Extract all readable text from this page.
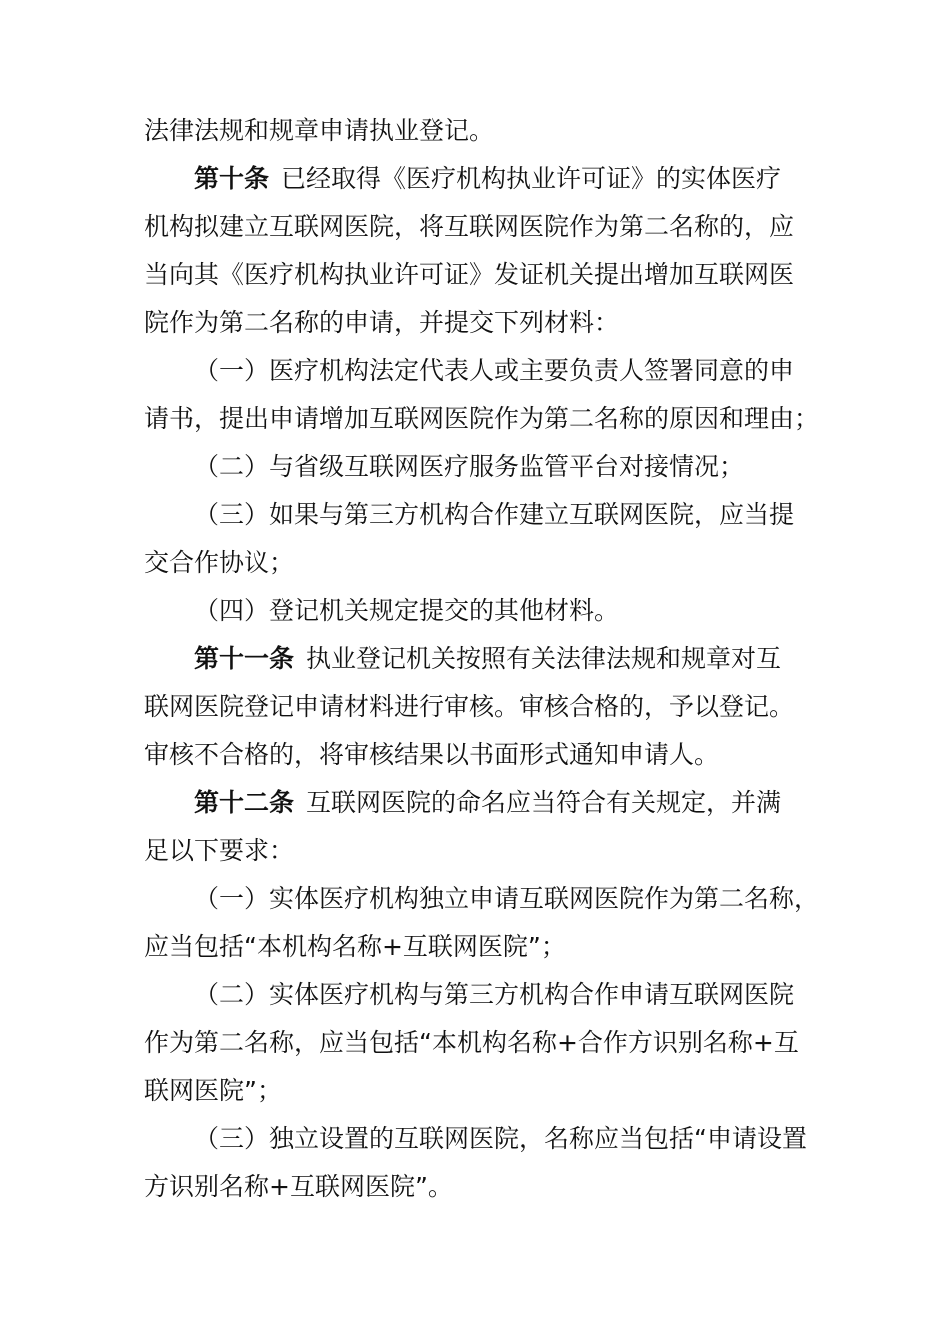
法律法规和规章申请执业登记。
第十条 已经取得《医疗机构执业许可证》的实体医疗
机构拟建立互联网医院，将互联网医院作为第二名称的，应
当向其《医疗机构执业许可证》发证机关提出增加互联网医
院作为第二名称的申请，并提交下列材料：
（一）医疗机构法定代表人或主要负责人签署同意的申
请书，提出申请增加互联网医院作为第二名称的原因和理由；
（二）与省级互联网医疗服务监管平台对接情况；
（三）如果与第三方机构合作建立互联网医院，应当提
交合作协议；
（四）登记机关规定提交的其他材料。
第十一条 执业登记机关按照有关法律法规和规章对互
联网医院登记申请材料进行审核。审核合格的，予以登记。
审核不合格的，将审核结果以书面形式通知申请人。
第十二条 互联网医院的命名应当符合有关规定，并满
足以下要求：
（一）实体医疗机构独立申请互联网医院作为第二名称，
应当包括“本机构名称+互联网医院”；
（二）实体医疗机构与第三方机构合作申请互联网医院
作为第二名称，应当包括“本机构名称+合作方识别名称+互
联网医院”；
（三）独立设置的互联网医院，名称应当包括“申请设置
方识别名称+互联网医院”。
